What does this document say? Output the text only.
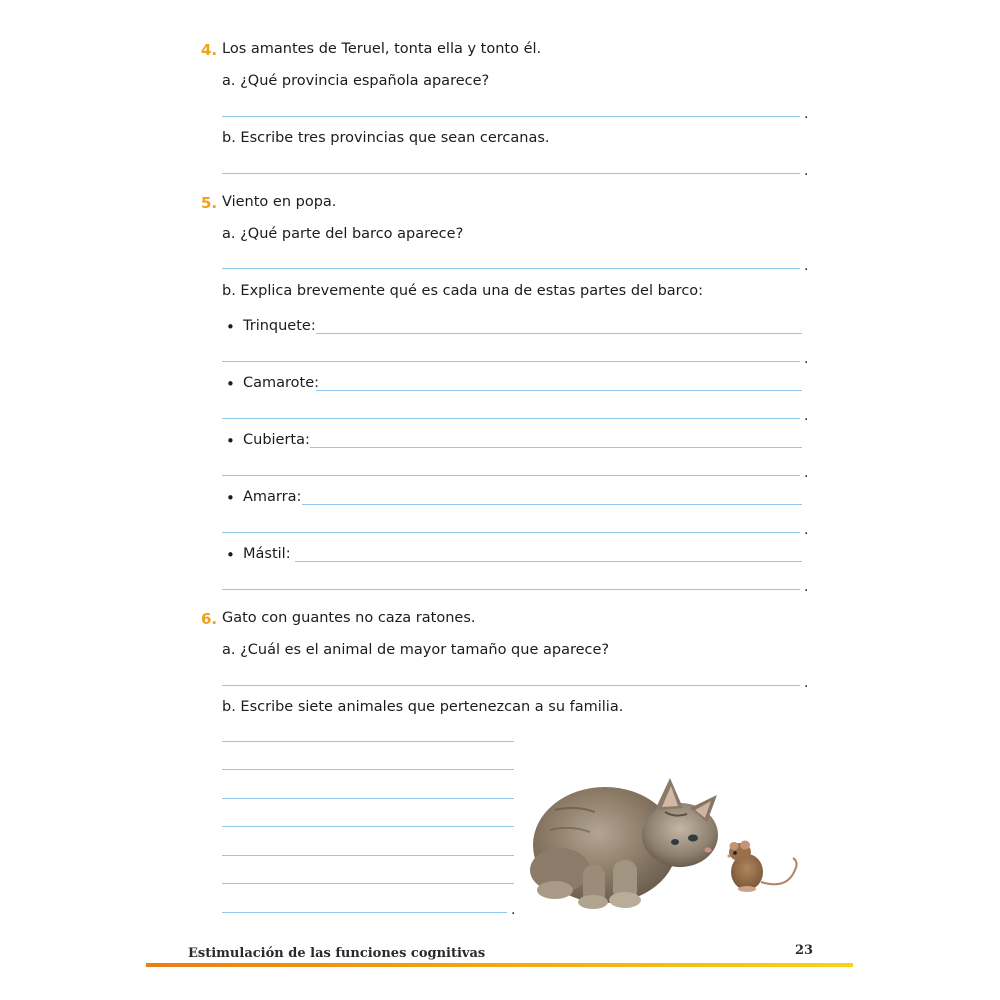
4. Los amantes de Teruel, tonta ella y tonto él.
a. ¿Qué provincia española aparece?
.
b. Escribe tres provincias que sean cercanas.
.
5. Viento en popa.
a. ¿Qué parte del barco aparece?
.
b. Explica brevemente qué es cada una de estas partes del barco:
• Trinquete:
.
• Camarote:
.
• Cubierta:
.
• Amarra:
.
• Mástil:
.
6. Gato con guantes no caza ratones.
a. ¿Cuál es el animal de mayor tamaño que aparece?
.
b. Escribe siete animales que pertenezcan a su familia.
.
Estimulación de las funciones cognitivas	23
